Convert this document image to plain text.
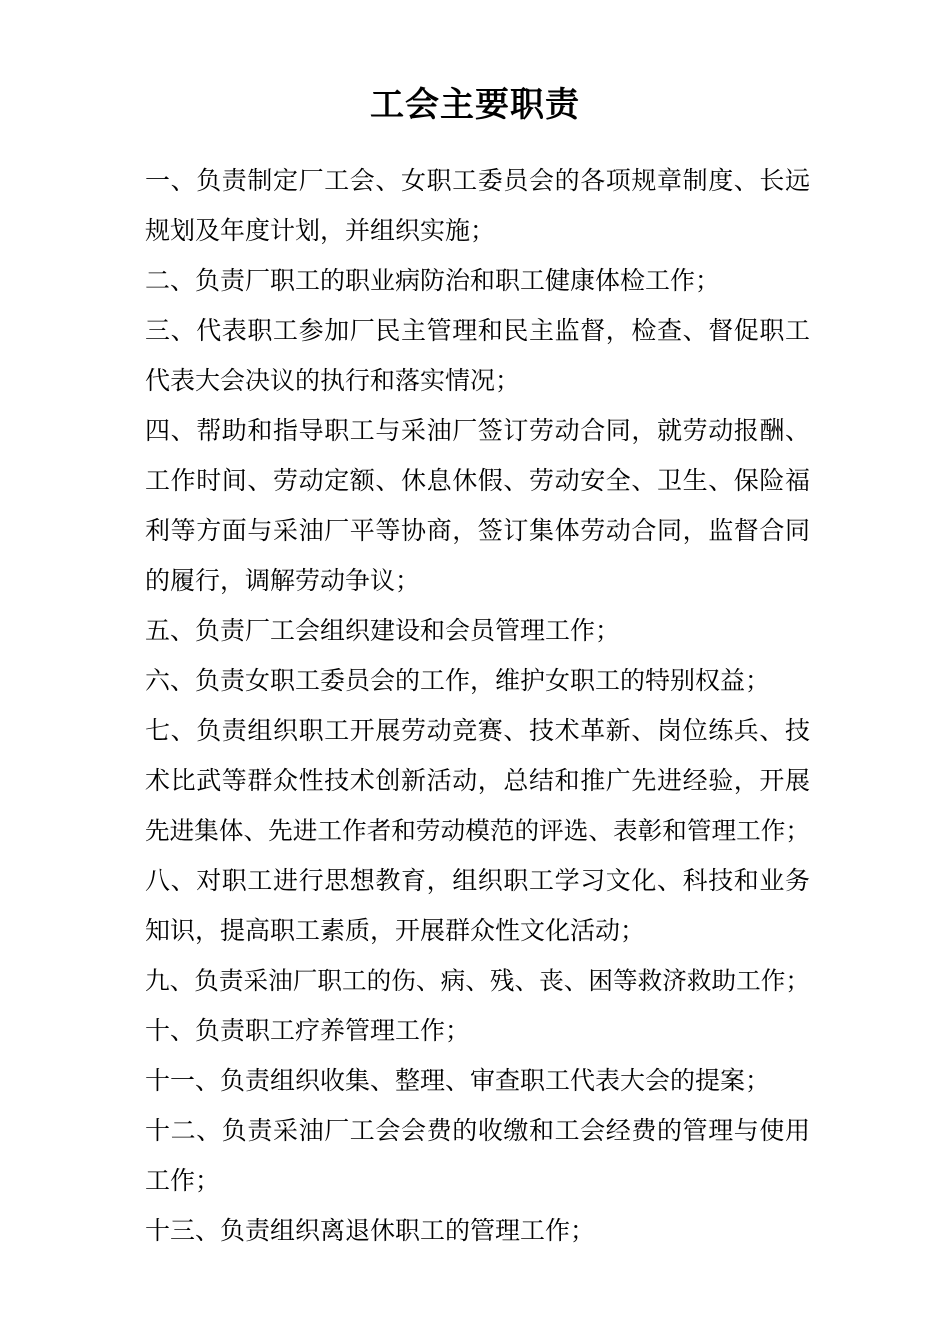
工会主要职责
一、负责制定厂工会、女职工委员会的各项规章制度、长远
规划及年度计划，并组织实施；
二、负责厂职工的职业病防治和职工健康体检工作；
三、代表职工参加厂民主管理和民主监督，检查、督促职工
代表大会决议的执行和落实情况；
四、帮助和指导职工与采油厂签订劳动合同，就劳动报酬、
工作时间、劳动定额、休息休假、劳动安全、卫生、保险福
利等方面与采油厂平等协商，签订集体劳动合同，监督合同
的履行，调解劳动争议；
五、负责厂工会组织建设和会员管理工作；
六、负责女职工委员会的工作，维护女职工的特别权益；
七、负责组织职工开展劳动竞赛、技术革新、岗位练兵、技
术比武等群众性技术创新活动，总结和推广先进经验，开展
先进集体、先进工作者和劳动模范的评选、表彰和管理工作；
八、对职工进行思想教育，组织职工学习文化、科技和业务
知识，提高职工素质，开展群众性文化活动；
九、负责采油厂职工的伤、病、残、丧、困等救济救助工作；
十、负责职工疗养管理工作；
十一、负责组织收集、整理、审查职工代表大会的提案；
十二、负责采油厂工会会费的收缴和工会经费的管理与使用
工作；
十三、负责组织离退休职工的管理工作；
